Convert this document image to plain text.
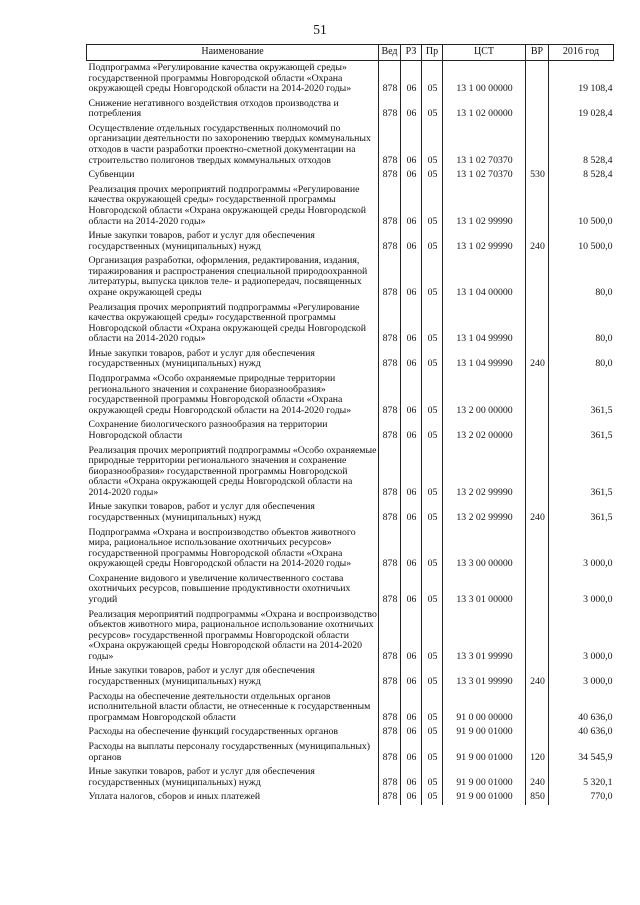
51
Наименование	Вед	РЗ	Пр	ЦСТ	ВР	2016 год
Подпрограмма «Регулирование качества окружающей среды» государственной программы Новгородской области «Охрана окружающей среды Новгородской области на 2014-2020 годы»	878	06	05	13 1 00 00000		19 108,4
Снижение негативного воздействия отходов производства и потребления	878	06	05	13 1 02 00000		19 028,4
Осуществление отдельных государственных полномочий по организации деятельности по захоронению твердых коммунальных отходов в части разработки проектно-сметной документации на строительство полигонов твердых коммунальных отходов	878	06	05	13 1 02 70370		8 528,4
Субвенции	878	06	05	13 1 02 70370	530	8 528,4
Реализация прочих мероприятий подпрограммы «Регулирование качества окружающей среды» государственной программы Новгородской области «Охрана окружающей среды Новгородской области на 2014-2020 годы»	878	06	05	13 1 02 99990		10 500,0
Иные закупки товаров, работ и услуг для обеспечения государственных (муниципальных) нужд	878	06	05	13 1 02 99990	240	10 500,0
Организация разработки, оформления, редактирования, издания, тиражирования и распространения специальной природоохранной литературы, выпуска циклов теле- и радиопередач, посвященных охране окружающей среды	878	06	05	13 1 04 00000		80,0
Реализация прочих мероприятий подпрограммы «Регулирование качества окружающей среды» государственной программы Новгородской области «Охрана окружающей среды Новгородской области на 2014-2020 годы»	878	06	05	13 1 04 99990		80,0
Иные закупки товаров, работ и услуг для обеспечения государственных (муниципальных) нужд	878	06	05	13 1 04 99990	240	80,0
Подпрограмма «Особо охраняемые природные территории регионального значения и сохранение биоразнообразия» государственной программы Новгородской области «Охрана окружающей среды Новгородской области на 2014-2020 годы»	878	06	05	13 2 00 00000		361,5
Сохранение биологического разнообразия на территории Новгородской области	878	06	05	13 2 02 00000		361,5
Реализация прочих мероприятий подпрограммы «Особо охраняемые природные территории регионального значения и сохранение биоразнообразия» государственной программы Новгородской области «Охрана окружающей среды Новгородской области на 2014-2020 годы»	878	06	05	13 2 02 99990		361,5
Иные закупки товаров, работ и услуг для обеспечения государственных (муниципальных) нужд	878	06	05	13 2 02 99990	240	361,5
Подпрограмма «Охрана и воспроизводство объектов животного мира, рациональное использование охотничьих ресурсов» государственной программы Новгородской области «Охрана окружающей среды Новгородской области на 2014-2020 годы»	878	06	05	13 3 00 00000		3 000,0
Сохранение видового и увеличение количественного состава охотничьих ресурсов, повышение продуктивности охотничьих угодий	878	06	05	13 3 01 00000		3 000,0
Реализация мероприятий подпрограммы «Охрана и воспроизводство объектов животного мира, рациональное использование охотничьих ресурсов» государственной программы Новгородской области «Охрана окружающей среды Новгородской области на 2014-2020 годы»	878	06	05	13 3 01 99990		3 000,0
Иные закупки товаров, работ и услуг для обеспечения государственных (муниципальных) нужд	878	06	05	13 3 01 99990	240	3 000,0
Расходы на обеспечение деятельности отдельных органов исполнительной власти области, не отнесенные к государственным программам Новгородской области	878	06	05	91 0 00 00000		40 636,0
Расходы на обеспечение функций государственных органов	878	06	05	91 9 00 01000		40 636,0
Расходы на выплаты персоналу государственных (муниципальных) органов	878	06	05	91 9 00 01000	120	34 545,9
Иные закупки товаров, работ и услуг для обеспечения государственных (муниципальных) нужд	878	06	05	91 9 00 01000	240	5 320,1
Уплата налогов, сборов и иных платежей	878	06	05	91 9 00 01000	850	770,0
